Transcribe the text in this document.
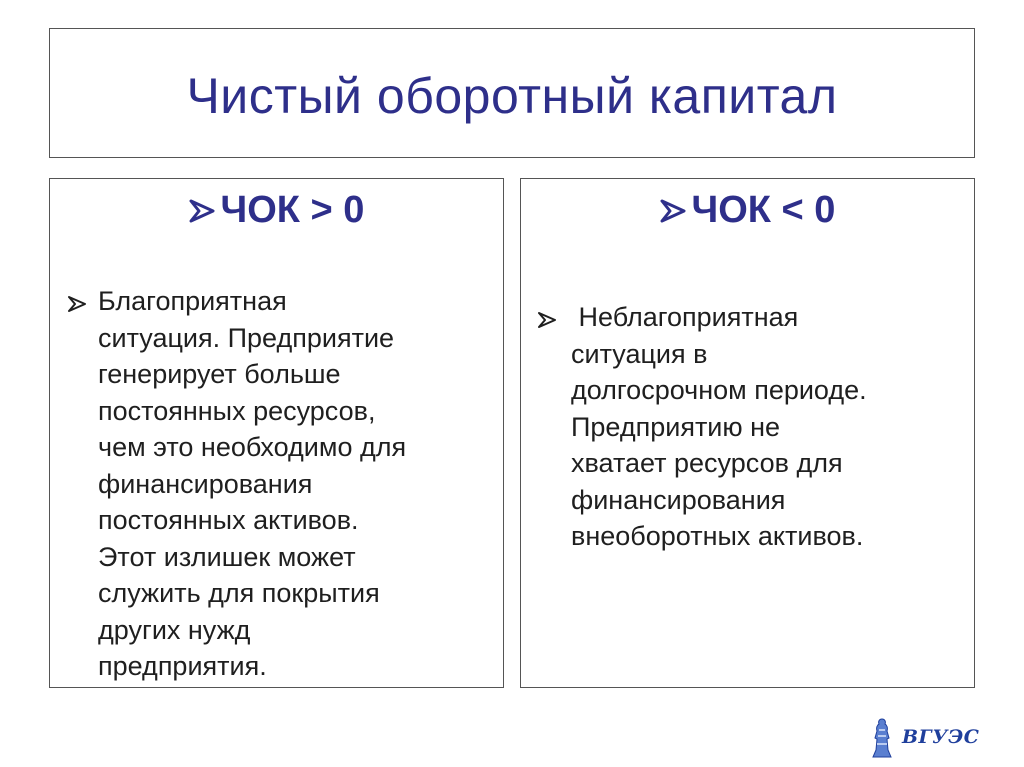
Чистый оборотный капитал
ЧОК > 0

Благоприятная
ситуация. Предприятие
генерирует больше
постоянных ресурсов,
чем это необходимо для
финансирования
постоянных активов.
Этот излишек может
служить для покрытия
других нужд
предприятия.

ЧОК < 0

Неблагоприятная
ситуация в
долгосрочном периоде.
Предприятию не
хватает ресурсов для
финансирования
внеоборотных активов.

ВГУЭС
